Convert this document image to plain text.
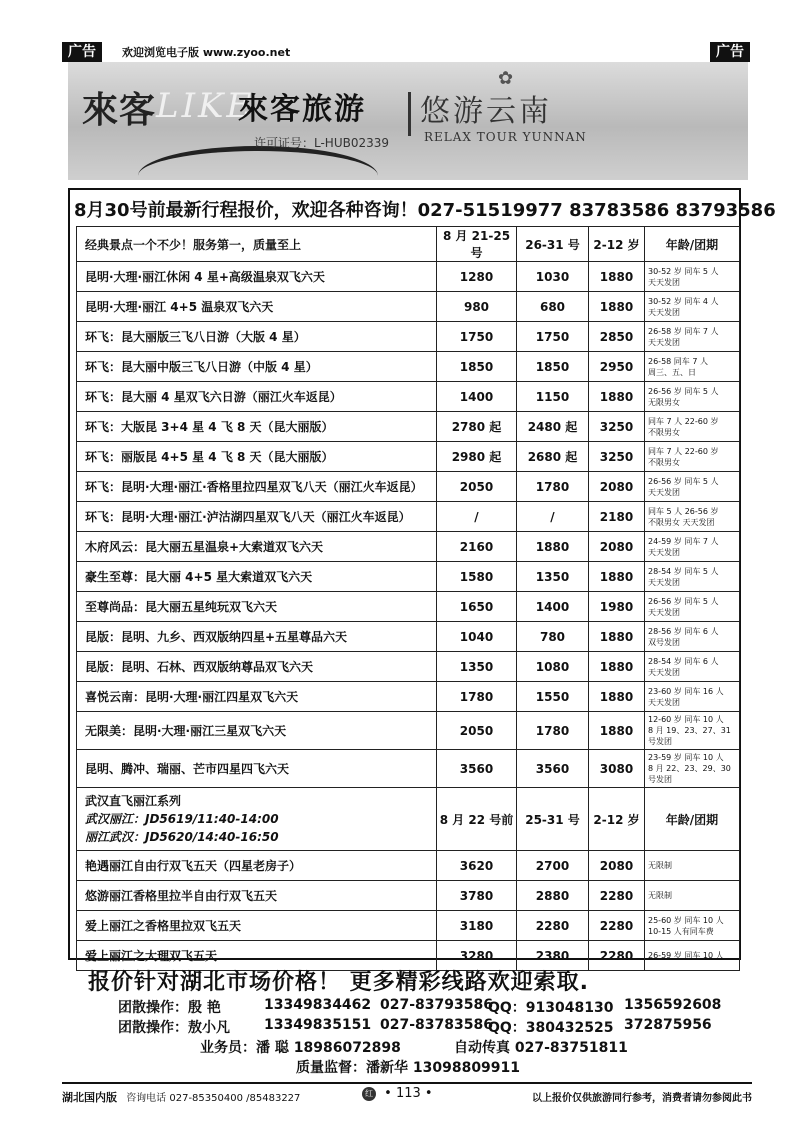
广告	欢迎浏览电子版 www.zyoo.net	广告
來客 LIKE
來客旅游
许可证号：L-HUB02339
✿
悠游云南
RELAX TOUR YUNNAN
8月30号前最新行程报价，欢迎各种咨询！027-51519977 83783586 83793586
经典景点一个不少！服务第一，质量至上	8 月 21-25 号	26-31 号	2-12 岁	年龄/团期
昆明·大理·丽江休闲 4 星+高级温泉双飞六天	1280	1030	1880	30-52 岁 同车 5 人
天天发团

昆明·大理·丽江 4+5 温泉双飞六天	980	680	1880	30-52 岁 同车 4 人
天天发团

环飞：昆大丽版三飞八日游（大版 4 星）	1750	1750	2850	26-58 岁 同车 7 人
天天发团

环飞：昆大丽中版三飞八日游（中版 4 星）	1850	1850	2950	26-58 同车 7 人
周三、五、日

环飞：昆大丽 4 星双飞六日游（丽江火车返昆）	1400	1150	1880	26-56 岁 同车 5 人
无限男女

环飞：大版昆 3+4 星 4 飞 8 天（昆大丽版）	2780 起	2480 起	3250	同车 7 人 22-60 岁
不限男女

环飞：丽版昆 4+5 星 4 飞 8 天（昆大丽版）	2980 起	2680 起	3250	同车 7 人 22-60 岁
不限男女

环飞：昆明·大理·丽江·香格里拉四星双飞八天（丽江火车返昆）	2050	1780	2080	26-56 岁 同车 5 人
天天发团

环飞：昆明·大理·丽江·泸沽湖四星双飞八天（丽江火车返昆）	/	/	2180	同车 5 人 26-56 岁
不限男女 天天发团

木府风云：昆大丽五星温泉+大索道双飞六天	2160	1880	2080	24-59 岁 同车 7 人
天天发团

豪生至尊：昆大丽 4+5 星大索道双飞六天	1580	1350	1880	28-54 岁 同车 5 人
天天发团

至尊尚品：昆大丽五星纯玩双飞六天	1650	1400	1980	26-56 岁 同车 5 人
天天发团

昆版：昆明、九乡、西双版纳四星+五星尊品六天	1040	780	1880	28-56 岁 同车 6 人
双号发团

昆版：昆明、石林、西双版纳尊品双飞六天	1350	1080	1880	28-54 岁 同车 6 人
天天发团

喜悦云南：昆明·大理·丽江四星双飞六天	1780	1550	1880	23-60 岁 同车 16 人
天天发团

无限美：昆明·大理·丽江三星双飞六天	2050	1780	1880	12-60 岁 同车 10 人
8 月 19、23、27、31 号发团

昆明、腾冲、瑞丽、芒市四星四飞六天	3560	3560	3080	23-59 岁 同车 10 人
8 月 22、23、29、30 号发团

武汉直飞丽江系列
武汉丽江：JD5619/11:40-14:00
丽江武汉：JD5620/14:40-16:50	8 月 22 号前	25-31 号	2-12 岁	年龄/团期
艳遇丽江自由行双飞五天（四星老房子）	3620	2700	2080	无限制

悠游丽江香格里拉半自由行双飞五天	3780	2880	2280	无限制

爱上丽江之香格里拉双飞五天	3180	2280	2280	25-60 岁 同车 10 人
10-15 人有同车费

爱上丽江之大理双飞五天	3280	2380	2280	26-59 岁 同车 10 人
报价针对湖北市场价格！ 更多精彩线路欢迎索取.
团散操作：殷 艳	13349834462 027-83793586
QQ：913048130 1356592608
团散操作：敖小凡 13349835151 027-83783586
QQ：380432525 372875956
业务员：潘 聪 18986072898	自动传真 027-83751811
质量监督：潘新华 13098809911
湖北国内版 咨询电话 027-85350400 /85483227	红 • 113 •	以上报价仅供旅游同行参考，消费者请勿参阅此书
